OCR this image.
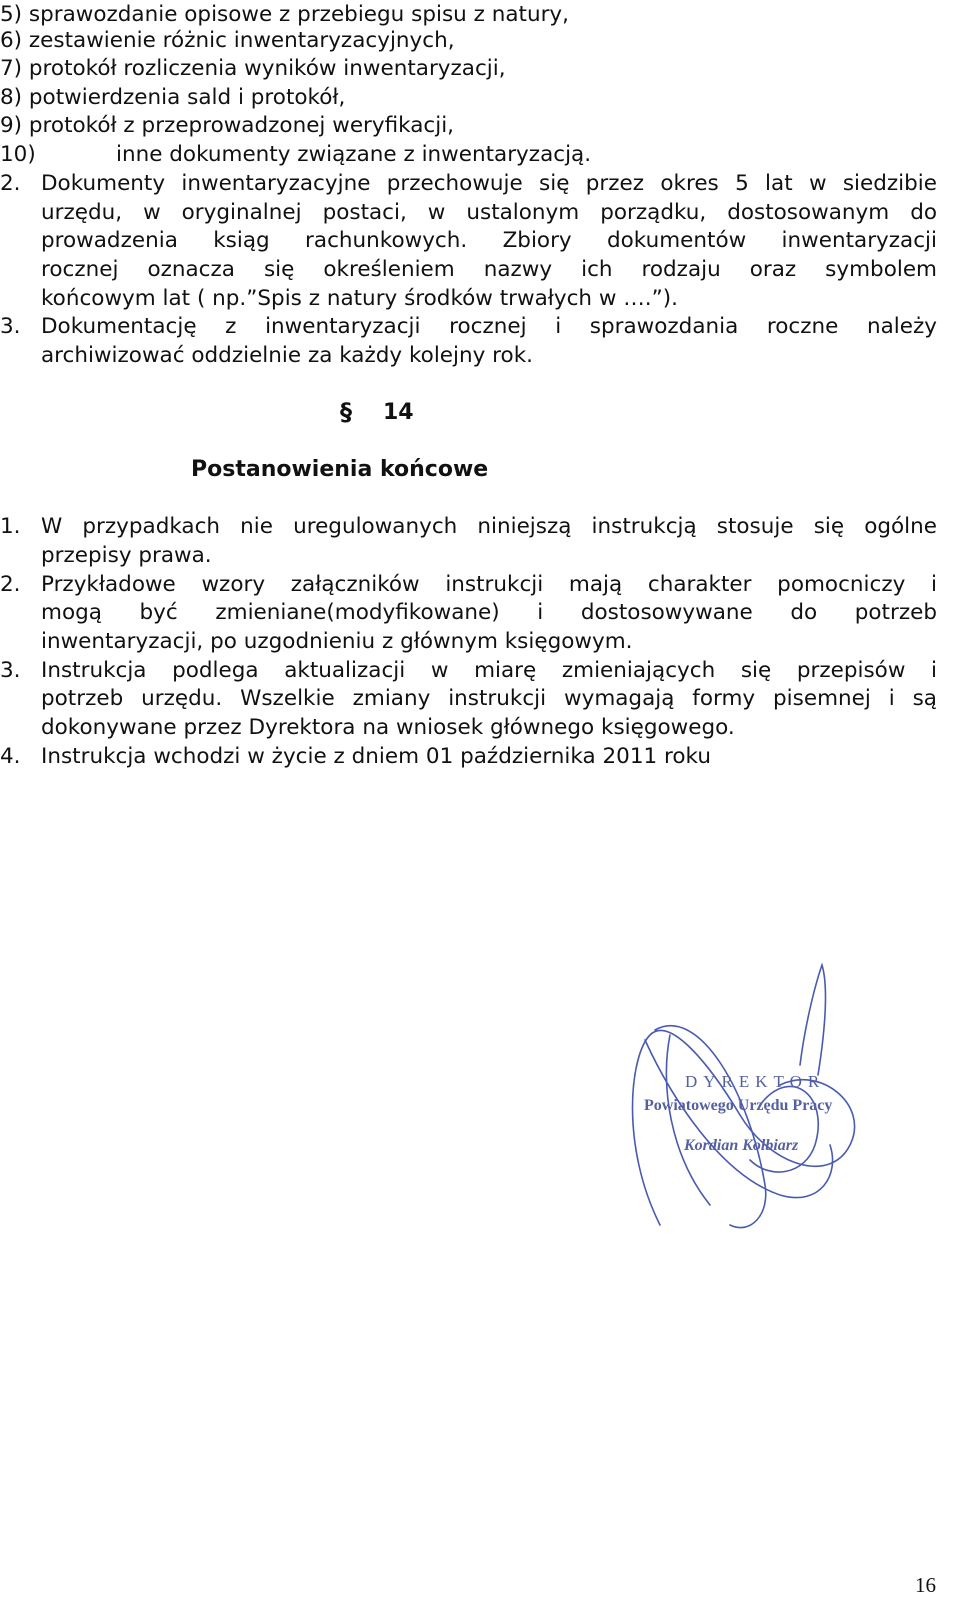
5) sprawozdanie opisowe z przebiegu spisu z natury,

6) zestawienie różnic inwentaryzacyjnych,

7) protokół rozliczenia wyników inwentaryzacji,

8) potwierdzenia sald i protokół,

9) protokół z przeprowadzonej weryfikacji,

10)	inne dokumenty związane z inwentaryzacją.

2. Dokumenty inwentaryzacyjne przechowuje się przez okres 5 lat w siedzibie

urzędu, w oryginalnej postaci, w ustalonym porządku, dostosowanym do

prowadzenia ksiąg rachunkowych. Zbiory dokumentów inwentaryzacji

rocznej oznacza się określeniem nazwy ich rodzaju oraz symbolem

końcowym lat ( np.”Spis z natury środków trwałych w ….”).

3. Dokumentację z inwentaryzacji rocznej i sprawozdania roczne należy

archiwizować oddzielnie za każdy kolejny rok.

§ 14

Postanowienia końcowe

1. W przypadkach nie uregulowanych niniejszą instrukcją stosuje się ogólne

przepisy prawa.

2. Przykładowe wzory załączników instrukcji mają charakter pomocniczy i

mogą być zmieniane(modyfikowane) i dostosowywane do potrzeb

inwentaryzacji, po uzgodnieniu z głównym księgowym.

3. Instrukcja podlega aktualizacji w miarę zmieniających się przepisów i

potrzeb urzędu. Wszelkie zmiany instrukcji wymagają formy pisemnej i są

dokonywane przez Dyrektora na wniosek głównego księgowego.

4. Instrukcja wchodzi w życie z dniem 01 października 2011 roku

DYREKTOR
Powiatowego Urzędu Pracy
Kordian Kolbiarz
16
